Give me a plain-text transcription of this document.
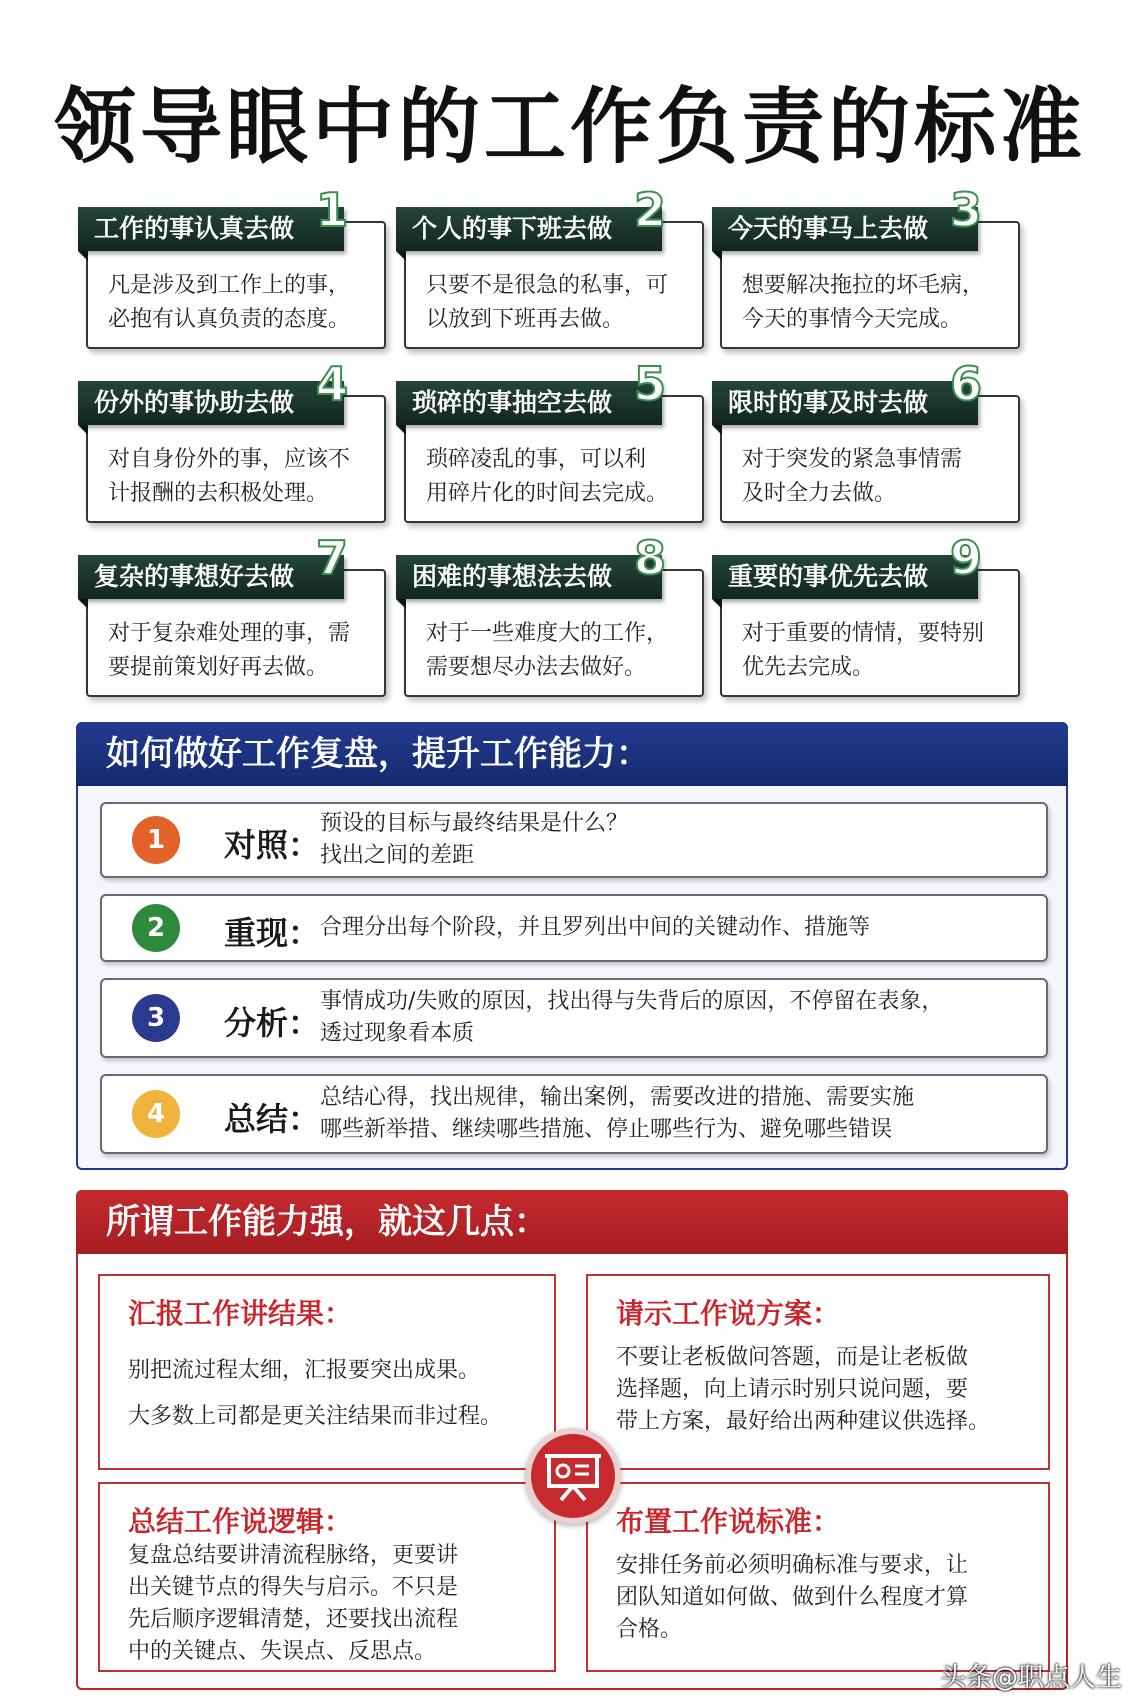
领导眼中的工作负责的标准
工作的事认真去做 1
凡是涉及到工作上的事，
必抱有认真负责的态度。
个人的事下班去做 2
只要不是很急的私事，可
以放到下班再去做。
今天的事马上去做 3
想要解决拖拉的坏毛病，
今天的事情今天完成。
份外的事协助去做 4
对自身份外的事，应该不
计报酬的去积极处理。
琐碎的事抽空去做 5
琐碎凌乱的事，可以利
用碎片化的时间去完成。
限时的事及时去做 6
对于突发的紧急事情需
及时全力去做。
复杂的事想好去做 7
对于复杂难处理的事，需
要提前策划好再去做。
困难的事想法去做 8
对于一些难度大的工作，
需要想尽办法去做好。
重要的事优先去做 9
对于重要的情情，要特别
优先去完成。
如何做好工作复盘，提升工作能力：
1	对照：
预设的目标与最终结果是什么？
找出之间的差距
2	重现： 合理分出每个阶段，并且罗列出中间的关键动作、措施等
3	分析：
事情成功/失败的原因，找出得与失背后的原因，不停留在表象，
透过现象看本质
4	总结：
总结心得，找出规律，输出案例，需要改进的措施、需要实施
哪些新举措、继续哪些措施、停止哪些行为、避免哪些错误
所谓工作能力强，就这几点：
汇报工作讲结果：
别把流过程太细，汇报要突出成果。
大多数上司都是更关注结果而非过程。
请示工作说方案：
不要让老板做问答题，而是让老板做
选择题，向上请示时别只说问题，要
带上方案，最好给出两种建议供选择。
总结工作说逻辑：
复盘总结要讲清流程脉络，更要讲
出关键节点的得失与启示。不只是
先后顺序逻辑清楚，还要找出流程
中的关键点、失误点、反思点。
布置工作说标准：
安排任务前必须明确标准与要求，让
团队知道如何做、做到什么程度才算
合格。
头条@职点人生
